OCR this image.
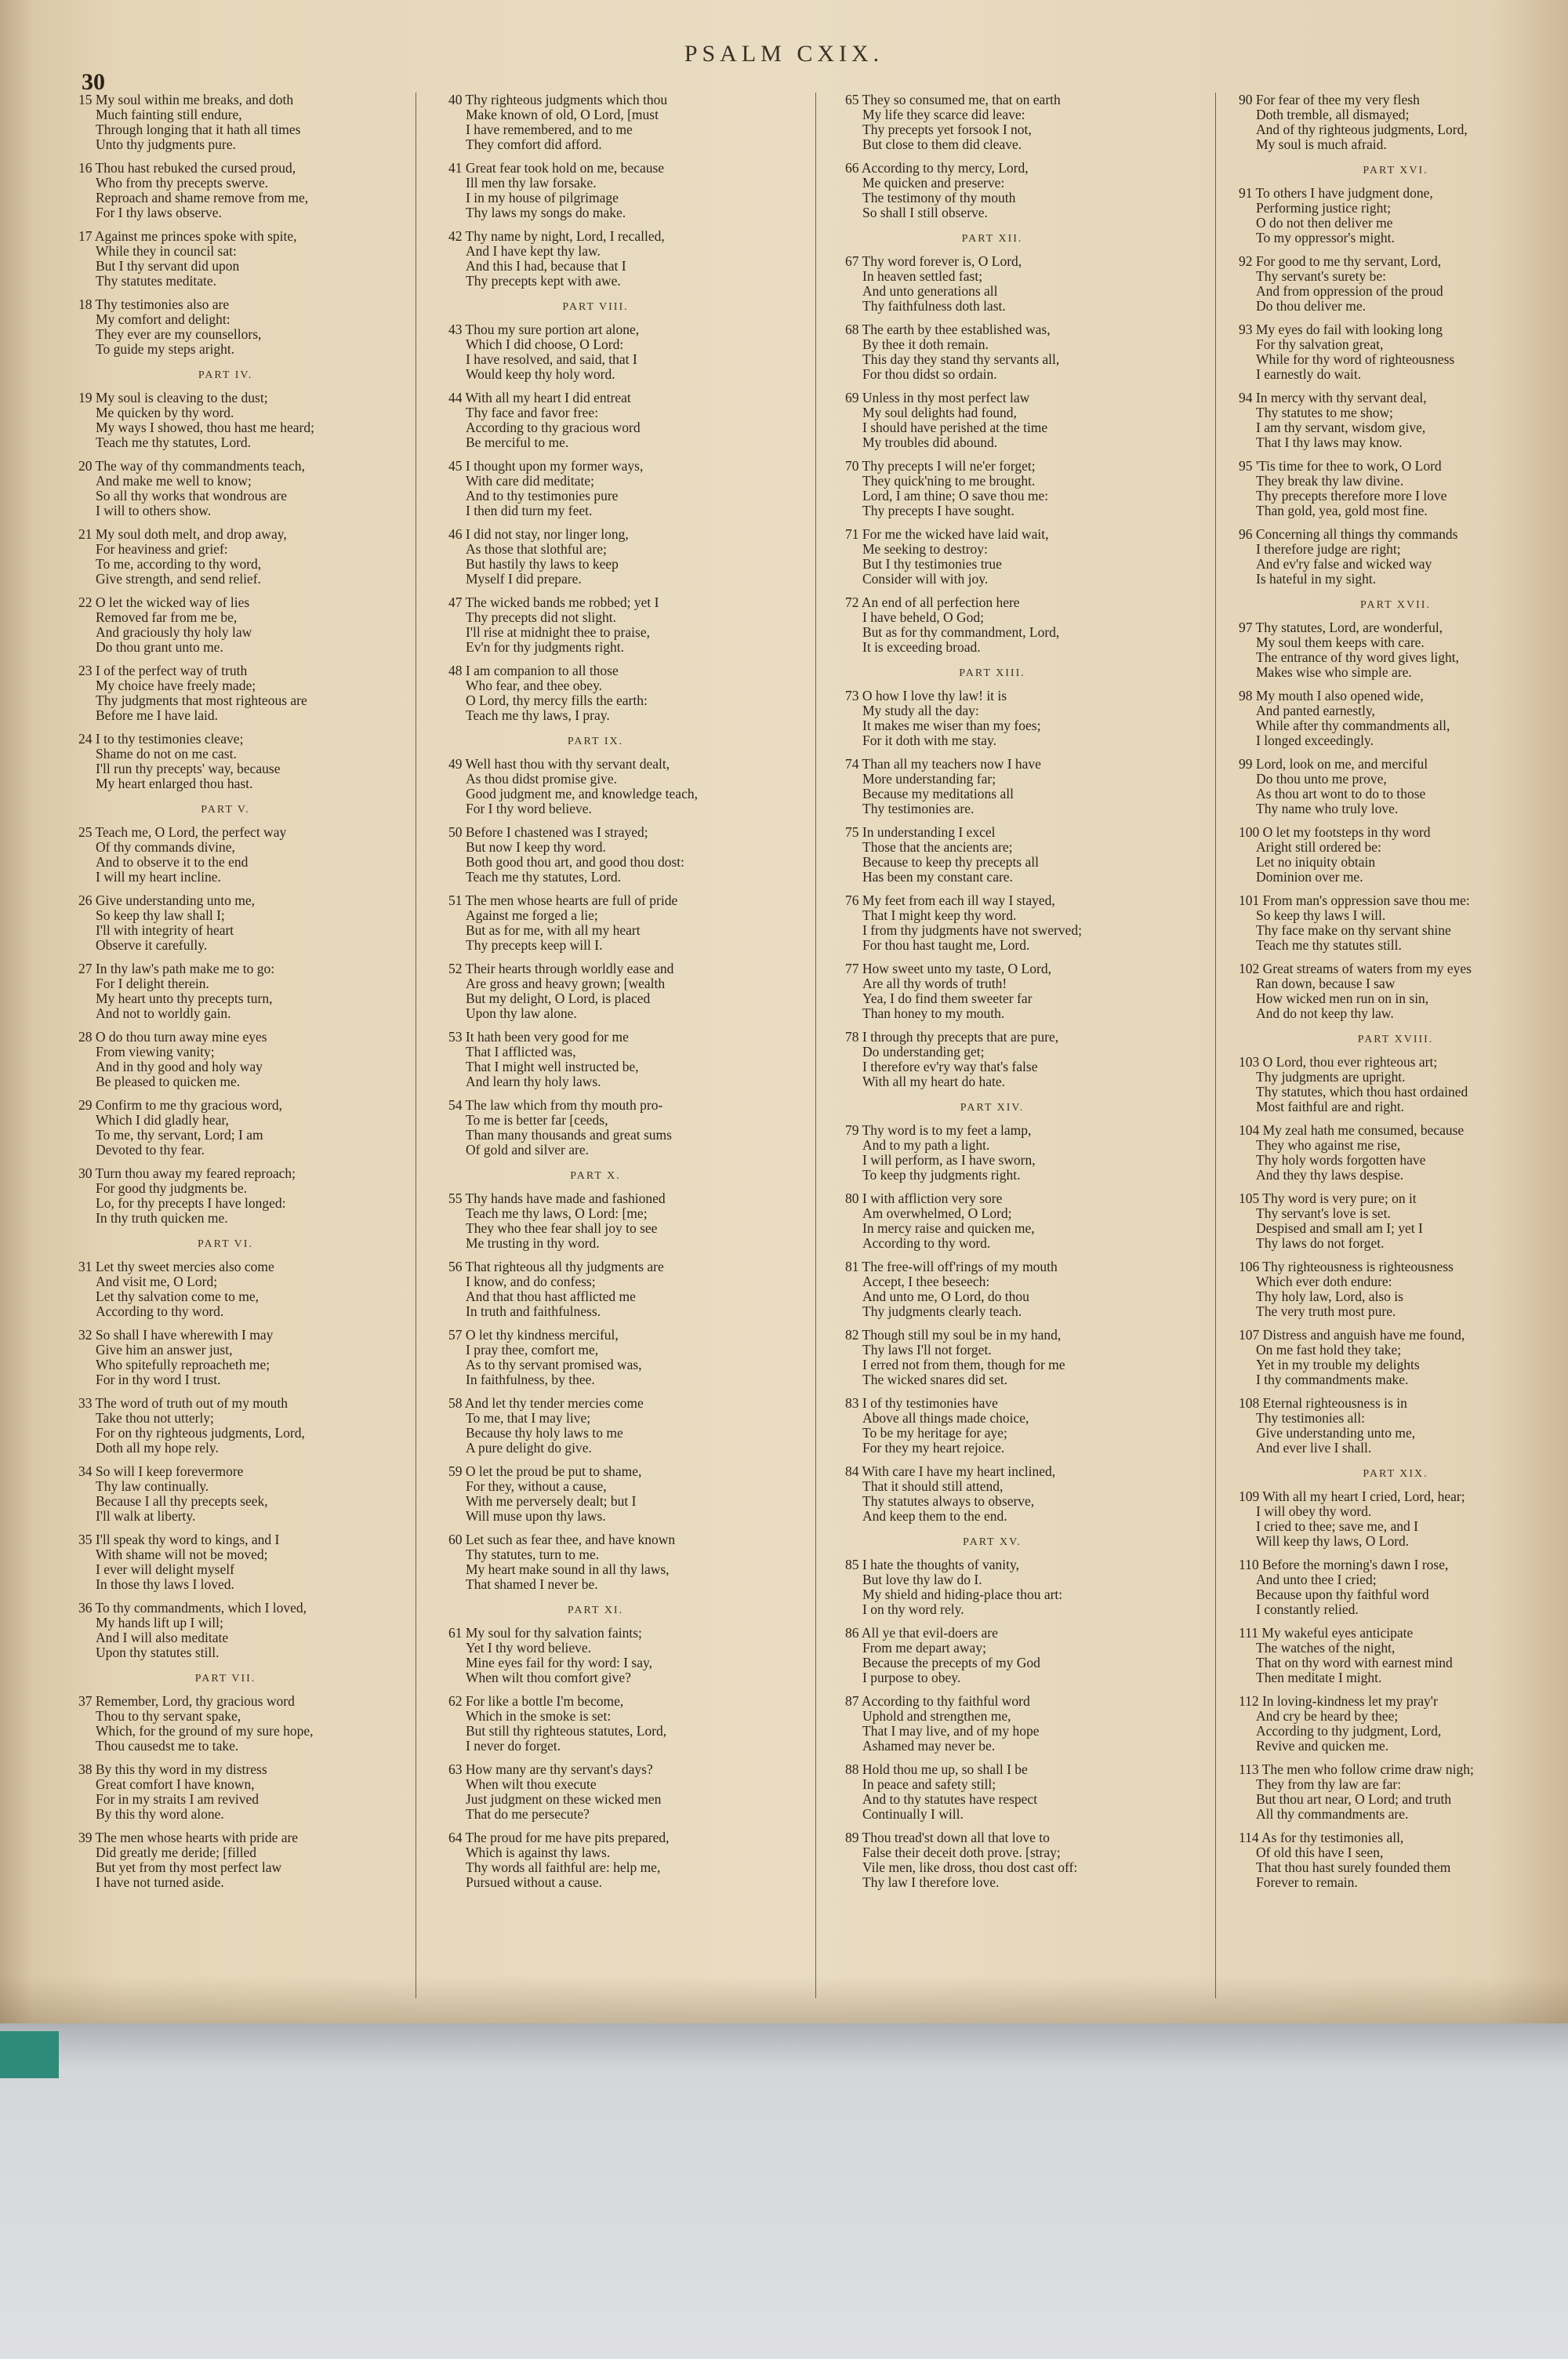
PSALM CXIX.
30
15 My soul within me breaks, and doth
Much fainting still endure,
Through longing that it hath all times
Unto thy judgments pure.
16 Thou hast rebuked the cursed proud,
Who from thy precepts swerve.
Reproach and shame remove from me,
For I thy laws observe.
17 Against me princes spoke with spite,
While they in council sat:
But I thy servant did upon
Thy statutes meditate.
18 Thy testimonies also are
My comfort and delight:
They ever are my counsellors,
To guide my steps aright.
PART IV.
19 My soul is cleaving to the dust;
Me quicken by thy word.
My ways I showed, thou hast me heard;
Teach me thy statutes, Lord.
20 The way of thy commandments teach,
And make me well to know;
So all thy works that wondrous are
I will to others show.
21 My soul doth melt, and drop away,
For heaviness and grief:
To me, according to thy word,
Give strength, and send relief.
22 O let the wicked way of lies
Removed far from me be,
And graciously thy holy law
Do thou grant unto me.
23 I of the perfect way of truth
My choice have freely made;
Thy judgments that most righteous are
Before me I have laid.
24 I to thy testimonies cleave;
Shame do not on me cast.
I'll run thy precepts' way, because
My heart enlarged thou hast.
PART V.
25 Teach me, O Lord, the perfect way
Of thy commands divine,
And to observe it to the end
I will my heart incline.
26 Give understanding unto me,
So keep thy law shall I;
I'll with integrity of heart
Observe it carefully.
27 In thy law's path make me to go:
For I delight therein.
My heart unto thy precepts turn,
And not to worldly gain.
28 O do thou turn away mine eyes
From viewing vanity;
And in thy good and holy way
Be pleased to quicken me.
29 Confirm to me thy gracious word,
Which I did gladly hear,
To me, thy servant, Lord; I am
Devoted to thy fear.
30 Turn thou away my feared reproach;
For good thy judgments be.
Lo, for thy precepts I have longed:
In thy truth quicken me.
PART VI.
31 Let thy sweet mercies also come
And visit me, O Lord;
Let thy salvation come to me,
According to thy word.
32 So shall I have wherewith I may
Give him an answer just,
Who spitefully reproacheth me;
For in thy word I trust.
33 The word of truth out of my mouth
Take thou not utterly;
For on thy righteous judgments, Lord,
Doth all my hope rely.
34 So will I keep forevermore
Thy law continually.
Because I all thy precepts seek,
I'll walk at liberty.
35 I'll speak thy word to kings, and I
With shame will not be moved;
I ever will delight myself
In those thy laws I loved.
36 To thy commandments, which I loved,
My hands lift up I will;
And I will also meditate
Upon thy statutes still.
PART VII.
37 Remember, Lord, thy gracious word
Thou to thy servant spake,
Which, for the ground of my sure hope,
Thou causedst me to take.
38 By this thy word in my distress
Great comfort I have known,
For in my straits I am revived
By this thy word alone.
39 The men whose hearts with pride are
Did greatly me deride; [filled
But yet from thy most perfect law
I have not turned aside.
40 Thy righteous judgments which thou
Make known of old, O Lord, [must
I have remembered, and to me
They comfort did afford.
41 Great fear took hold on me, because
Ill men thy law forsake.
I in my house of pilgrimage
Thy laws my songs do make.
42 Thy name by night, Lord, I recalled,
And I have kept thy law.
And this I had, because that I
Thy precepts kept with awe.
PART VIII.
43 Thou my sure portion art alone,
Which I did choose, O Lord:
I have resolved, and said, that I
Would keep thy holy word.
44 With all my heart I did entreat
Thy face and favor free:
According to thy gracious word
Be merciful to me.
45 I thought upon my former ways,
With care did meditate;
And to thy testimonies pure
I then did turn my feet.
46 I did not stay, nor linger long,
As those that slothful are;
But hastily thy laws to keep
Myself I did prepare.
47 The wicked bands me robbed; yet I
Thy precepts did not slight.
I'll rise at midnight thee to praise,
Ev'n for thy judgments right.
48 I am companion to all those
Who fear, and thee obey.
O Lord, thy mercy fills the earth:
Teach me thy laws, I pray.
PART IX.
49 Well hast thou with thy servant dealt,
As thou didst promise give.
Good judgment me, and knowledge teach,
For I thy word believe.
50 Before I chastened was I strayed;
But now I keep thy word.
Both good thou art, and good thou dost:
Teach me thy statutes, Lord.
51 The men whose hearts are full of pride
Against me forged a lie;
But as for me, with all my heart
Thy precepts keep will I.
52 Their hearts through worldly ease and
Are gross and heavy grown; [wealth
But my delight, O Lord, is placed
Upon thy law alone.
53 It hath been very good for me
That I afflicted was,
That I might well instructed be,
And learn thy holy laws.
54 The law which from thy mouth pro-
To me is better far [ceeds,
Than many thousands and great sums
Of gold and silver are.
PART X.
55 Thy hands have made and fashioned
Teach me thy laws, O Lord: [me;
They who thee fear shall joy to see
Me trusting in thy word.
56 That righteous all thy judgments are
I know, and do confess;
And that thou hast afflicted me
In truth and faithfulness.
57 O let thy kindness merciful,
I pray thee, comfort me,
As to thy servant promised was,
In faithfulness, by thee.
58 And let thy tender mercies come
To me, that I may live;
Because thy holy laws to me
A pure delight do give.
59 O let the proud be put to shame,
For they, without a cause,
With me perversely dealt; but I
Will muse upon thy laws.
60 Let such as fear thee, and have known
Thy statutes, turn to me.
My heart make sound in all thy laws,
That shamed I never be.
PART XI.
61 My soul for thy salvation faints;
Yet I thy word believe.
Mine eyes fail for thy word: I say,
When wilt thou comfort give?
62 For like a bottle I'm become,
Which in the smoke is set:
But still thy righteous statutes, Lord,
I never do forget.
63 How many are thy servant's days?
When wilt thou execute
Just judgment on these wicked men
That do me persecute?
64 The proud for me have pits prepared,
Which is against thy laws.
Thy words all faithful are: help me,
Pursued without a cause.
65 They so consumed me, that on earth
My life they scarce did leave:
Thy precepts yet forsook I not,
But close to them did cleave.
66 According to thy mercy, Lord,
Me quicken and preserve:
The testimony of thy mouth
So shall I still observe.
PART XII.
67 Thy word forever is, O Lord,
In heaven settled fast;
And unto generations all
Thy faithfulness doth last.
68 The earth by thee established was,
By thee it doth remain.
This day they stand thy servants all,
For thou didst so ordain.
69 Unless in thy most perfect law
My soul delights had found,
I should have perished at the time
My troubles did abound.
70 Thy precepts I will ne'er forget;
They quick'ning to me brought.
Lord, I am thine; O save thou me:
Thy precepts I have sought.
71 For me the wicked have laid wait,
Me seeking to destroy:
But I thy testimonies true
Consider will with joy.
72 An end of all perfection here
I have beheld, O God;
But as for thy commandment, Lord,
It is exceeding broad.
PART XIII.
73 O how I love thy law! it is
My study all the day:
It makes me wiser than my foes;
For it doth with me stay.
74 Than all my teachers now I have
More understanding far;
Because my meditations all
Thy testimonies are.
75 In understanding I excel
Those that the ancients are;
Because to keep thy precepts all
Has been my constant care.
76 My feet from each ill way I stayed,
That I might keep thy word.
I from thy judgments have not swerved;
For thou hast taught me, Lord.
77 How sweet unto my taste, O Lord,
Are all thy words of truth!
Yea, I do find them sweeter far
Than honey to my mouth.
78 I through thy precepts that are pure,
Do understanding get;
I therefore ev'ry way that's false
With all my heart do hate.
PART XIV.
79 Thy word is to my feet a lamp,
And to my path a light.
I will perform, as I have sworn,
To keep thy judgments right.
80 I with affliction very sore
Am overwhelmed, O Lord;
In mercy raise and quicken me,
According to thy word.
81 The free-will off'rings of my mouth
Accept, I thee beseech:
And unto me, O Lord, do thou
Thy judgments clearly teach.
82 Though still my soul be in my hand,
Thy laws I'll not forget.
I erred not from them, though for me
The wicked snares did set.
83 I of thy testimonies have
Above all things made choice,
To be my heritage for aye;
For they my heart rejoice.
84 With care I have my heart inclined,
That it should still attend,
Thy statutes always to observe,
And keep them to the end.
PART XV.
85 I hate the thoughts of vanity,
But love thy law do I.
My shield and hiding-place thou art:
I on thy word rely.
86 All ye that evil-doers are
From me depart away;
Because the precepts of my God
I purpose to obey.
87 According to thy faithful word
Uphold and strengthen me,
That I may live, and of my hope
Ashamed may never be.
88 Hold thou me up, so shall I be
In peace and safety still;
And to thy statutes have respect
Continually I will.
89 Thou tread'st down all that love to
False their deceit doth prove. [stray;
Vile men, like dross, thou dost cast off:
Thy law I therefore love.
90 For fear of thee my very flesh
Doth tremble, all dismayed;
And of thy righteous judgments, Lord,
My soul is much afraid.
PART XVI.
91 To others I have judgment done,
Performing justice right;
O do not then deliver me
To my oppressor's might.
92 For good to me thy servant, Lord,
Thy servant's surety be:
And from oppression of the proud
Do thou deliver me.
93 My eyes do fail with looking long
For thy salvation great,
While for thy word of righteousness
I earnestly do wait.
94 In mercy with thy servant deal,
Thy statutes to me show;
I am thy servant, wisdom give,
That I thy laws may know.
95 'Tis time for thee to work, O Lord
They break thy law divine.
Thy precepts therefore more I love
Than gold, yea, gold most fine.
96 Concerning all things thy commands
I therefore judge are right;
And ev'ry false and wicked way
Is hateful in my sight.
PART XVII.
97 Thy statutes, Lord, are wonderful,
My soul them keeps with care.
The entrance of thy word gives light,
Makes wise who simple are.
98 My mouth I also opened wide,
And panted earnestly,
While after thy commandments all,
I longed exceedingly.
99 Lord, look on me, and merciful
Do thou unto me prove,
As thou art wont to do to those
Thy name who truly love.
100 O let my footsteps in thy word
Aright still ordered be:
Let no iniquity obtain
Dominion over me.
101 From man's oppression save thou me:
So keep thy laws I will.
Thy face make on thy servant shine
Teach me thy statutes still.
102 Great streams of waters from my eyes
Ran down, because I saw
How wicked men run on in sin,
And do not keep thy law.
PART XVIII.
103 O Lord, thou ever righteous art;
Thy judgments are upright.
Thy statutes, which thou hast ordained
Most faithful are and right.
104 My zeal hath me consumed, because
They who against me rise,
Thy holy words forgotten have
And they thy laws despise.
105 Thy word is very pure; on it
Thy servant's love is set.
Despised and small am I; yet I
Thy laws do not forget.
106 Thy righteousness is righteousness
Which ever doth endure:
Thy holy law, Lord, also is
The very truth most pure.
107 Distress and anguish have me found,
On me fast hold they take;
Yet in my trouble my delights
I thy commandments make.
108 Eternal righteousness is in
Thy testimonies all:
Give understanding unto me,
And ever live I shall.
PART XIX.
109 With all my heart I cried, Lord, hear;
I will obey thy word.
I cried to thee; save me, and I
Will keep thy laws, O Lord.
110 Before the morning's dawn I rose,
And unto thee I cried;
Because upon thy faithful word
I constantly relied.
111 My wakeful eyes anticipate
The watches of the night,
That on thy word with earnest mind
Then meditate I might.
112 In loving-kindness let my pray'r
And cry be heard by thee;
According to thy judgment, Lord,
Revive and quicken me.
113 The men who follow crime draw nigh;
They from thy law are far:
But thou art near, O Lord; and truth
All thy commandments are.
114 As for thy testimonies all,
Of old this have I seen,
That thou hast surely founded them
Forever to remain.
